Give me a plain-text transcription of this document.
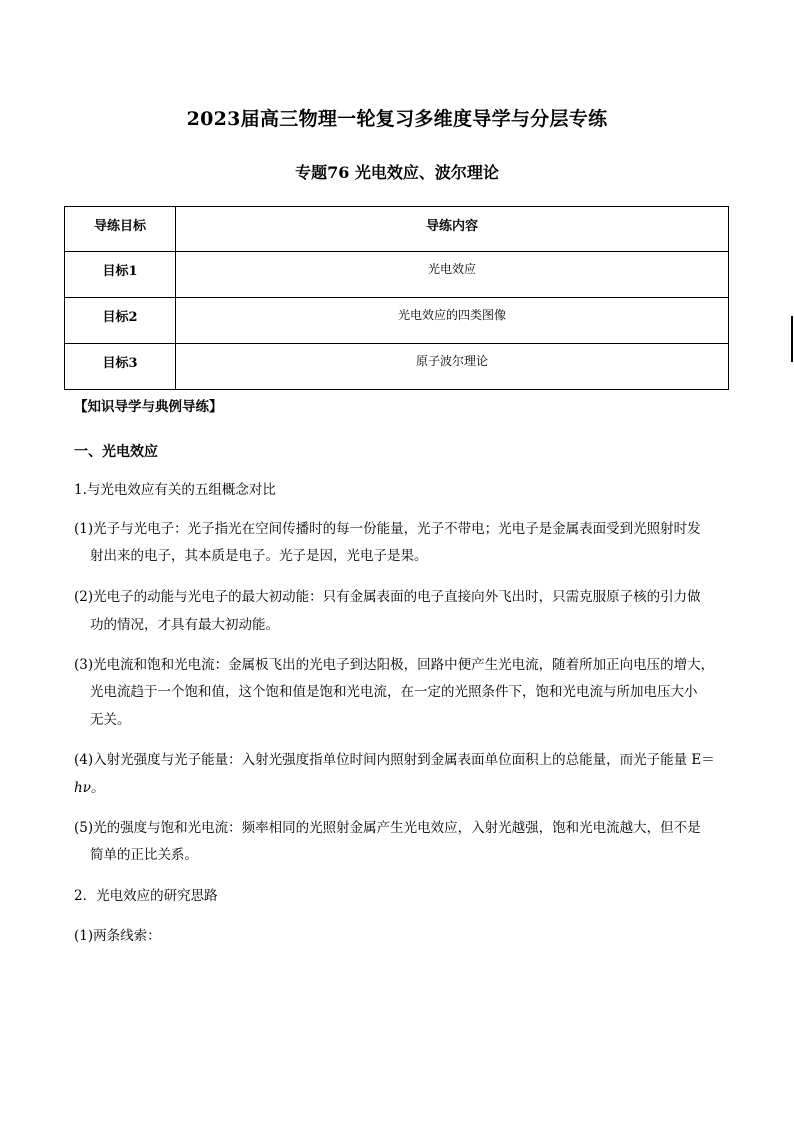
2023届高三物理一轮复习多维度导学与分层专练
专题76 光电效应、波尔理论
导练目标	导练内容
目标1	光电效应
目标2	光电效应的四类图像
目标3	原子波尔理论
【知识导学与典例导练】
一、光电效应
1.与光电效应有关的五组概念对比
(1)光子与光电子：光子指光在空间传播时的每一份能量，光子不带电；光电子是金属表面受到光照射时发
射出来的电子，其本质是电子。光子是因，光电子是果。
(2)光电子的动能与光电子的最大初动能：只有金属表面的电子直接向外飞出时，只需克服原子核的引力做
功的情况，才具有最大初动能。
(3)光电流和饱和光电流：金属板飞出的光电子到达阳极，回路中便产生光电流，随着所加正向电压的增大，
光电流趋于一个饱和值，这个饱和值是饱和光电流，在一定的光照条件下，饱和光电流与所加电压大小
无关。
(4)入射光强度与光子能量：入射光强度指单位时间内照射到金属表面单位面积上的总能量，而光子能量 E＝
hν。
(5)光的强度与饱和光电流：频率相同的光照射金属产生光电效应，入射光越强，饱和光电流越大，但不是
简单的正比关系。
2．光电效应的研究思路
(1)两条线索：
